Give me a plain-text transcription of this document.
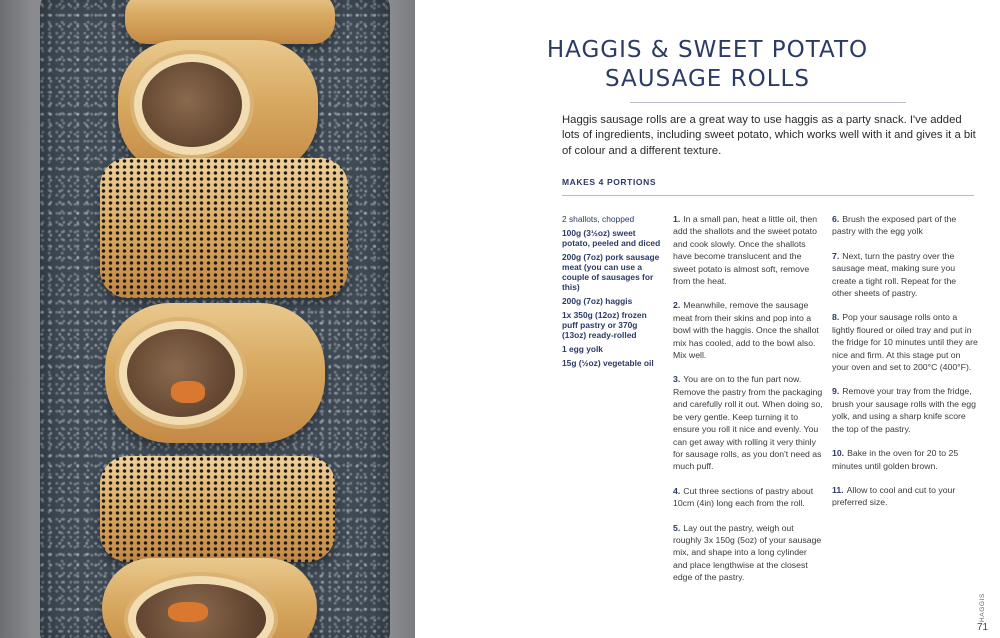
HAGGIS & SWEET POTATO
SAUSAGE ROLLS

Haggis sausage rolls are a great way to use haggis as a party snack. I've added lots of ingredients, including sweet potato, which works well with it and gives it a bit of colour and a different texture.

MAKES 4 PORTIONS

2 shallots, chopped
100g (3½oz) sweet potato, peeled and diced
200g (7oz) pork sausage meat (you can use a couple of sausages for this)
200g (7oz) haggis
1x 350g (12oz) frozen puff pastry or 370g (13oz) ready-rolled
1 egg yolk
15g (½oz) vegetable oil
1. In a small pan, heat a little oil, then add the shallots and the sweet potato and cook slowly. Once the shallots have become translucent and the sweet potato is almost soft, remove from the heat.
2. Meanwhile, remove the sausage meat from their skins and pop into a bowl with the haggis. Once the shallot mix has cooled, add to the bowl also. Mix well.
3. You are on to the fun part now. Remove the pastry from the packaging and carefully roll it out. When doing so, be very gentle. Keep turning it to ensure you roll it nice and evenly. You can get away with rolling it very thinly for sausage rolls, as you don't need as much puff.
4. Cut three sections of pastry about 10cm (4in) long each from the roll.
5. Lay out the pastry, weigh out roughly 3x 150g (5oz) of your sausage mix, and shape into a long cylinder and place lengthwise at the closest edge of the pastry.
6. Brush the exposed part of the pastry with the egg yolk
7. Next, turn the pastry over the sausage meat, making sure you create a tight roll. Repeat for the other sheets of pastry.
8. Pop your sausage rolls onto a lightly floured or oiled tray and put in the fridge for 10 minutes until they are nice and firm. At this stage put on your oven and set to 200°C (400°F).
9. Remove your tray from the fridge, brush your sausage rolls with the egg yolk, and using a sharp knife score the top of the pastry.
10. Bake in the oven for 20 to 25 minutes until golden brown.
11. Allow to cool and cut to your preferred size.
HAGGIS
71
